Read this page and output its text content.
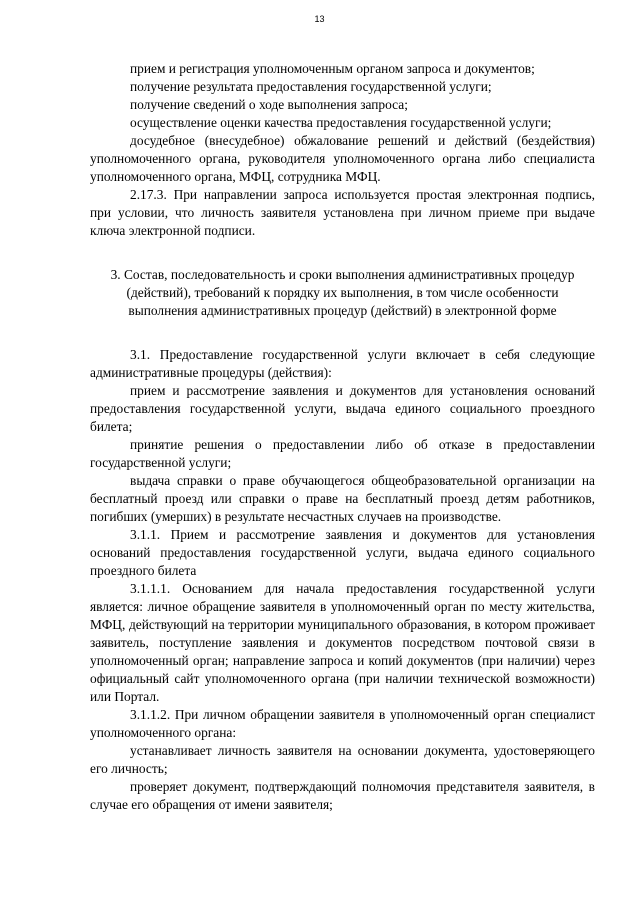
13

прием и регистрация уполномоченным органом запроса и документов;

получение результата предоставления государственной услуги;

получение сведений о ходе выполнения запроса;

осуществление оценки качества предоставления государственной услуги;

досудебное (внесудебное) обжалование решений и действий (бездействия) уполномоченного органа, руководителя уполномоченного органа либо специалиста уполномоченного органа, МФЦ, сотрудника МФЦ.

2.17.3. При направлении запроса используется простая электронная подпись, при условии, что личность заявителя установлена при личном приеме при выдаче ключа электронной подписи.

3. Состав, последовательность и сроки выполнения административных процедур (действий), требований к порядку их выполнения, в том числе особенности выполнения административных процедур (действий) в электронной форме

3.1. Предоставление государственной услуги включает в себя следующие административные процедуры (действия):

прием и рассмотрение заявления и документов для установления оснований предоставления государственной услуги, выдача единого социального проездного билета;

принятие решения о предоставлении либо об отказе в предоставлении государственной услуги;

выдача справки о праве обучающегося общеобразовательной организации на бесплатный проезд или справки о праве на бесплатный проезд детям работников, погибших (умерших) в результате несчастных случаев на производстве.

3.1.1. Прием и рассмотрение заявления и документов для установления оснований предоставления государственной услуги, выдача единого социального проездного билета

3.1.1.1. Основанием для начала предоставления государственной услуги является: личное обращение заявителя в уполномоченный орган по месту жительства, МФЦ, действующий на территории муниципального образования, в котором проживает заявитель, поступление заявления и документов посредством почтовой связи в уполномоченный орган; направление запроса и копий документов (при наличии) через официальный сайт уполномоченного органа (при наличии технической возможности) или Портал.

3.1.1.2. При личном обращении заявителя в уполномоченный орган специалист уполномоченного органа:

устанавливает личность заявителя на основании документа, удостоверяющего его личность;

проверяет документ, подтверждающий полномочия представителя заявителя, в случае его обращения от имени заявителя;
